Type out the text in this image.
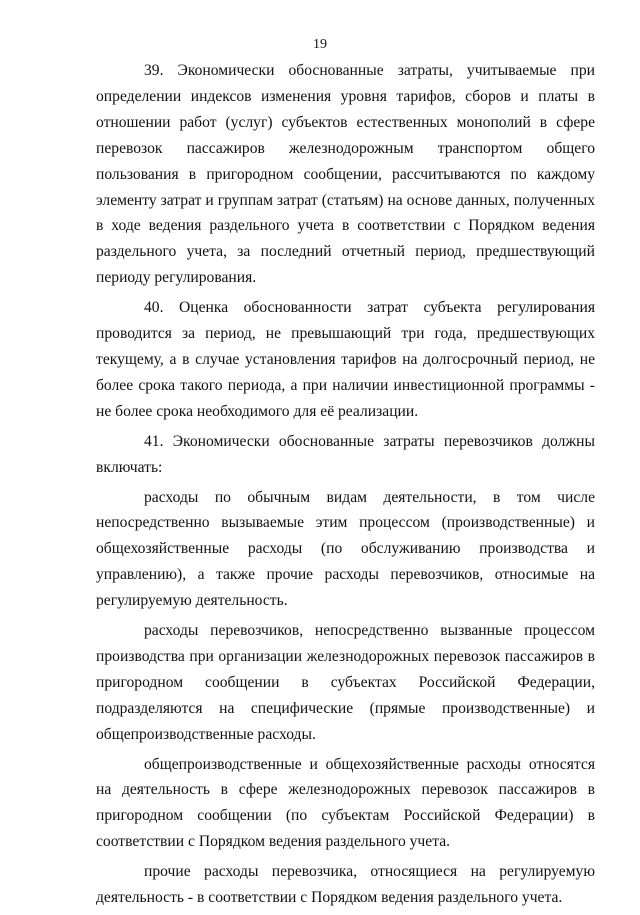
19

39. Экономически обоснованные затраты, учитываемые при определении индексов изменения уровня тарифов, сборов и платы в отношении работ (услуг) субъектов естественных монополий в сфере перевозок пассажиров железнодорожным транспортом общего пользования в пригородном сообщении, рассчитываются по каждому элементу затрат и группам затрат (статьям) на основе данных, полученных в ходе ведения раздельного учета в соответствии с Порядком ведения раздельного учета, за последний отчетный период, предшествующий периоду регулирования.

40. Оценка обоснованности затрат субъекта регулирования проводится за период, не превышающий три года, предшествующих текущему, а в случае установления тарифов на долгосрочный период, не более срока такого периода, а при наличии инвестиционной программы - не более срока необходимого для её реализации.

41. Экономически обоснованные затраты перевозчиков должны включать:

расходы по обычным видам деятельности, в том числе непосредственно вызываемые этим процессом (производственные) и общехозяйственные расходы (по обслуживанию производства и управлению), а также прочие расходы перевозчиков, относимые на регулируемую деятельность.

расходы перевозчиков, непосредственно вызванные процессом производства при организации железнодорожных перевозок пассажиров в пригородном сообщении в субъектах Российской Федерации, подразделяются на специфические (прямые производственные) и общепроизводственные расходы.

общепроизводственные и общехозяйственные расходы относятся на деятельность в сфере железнодорожных перевозок пассажиров в пригородном сообщении (по субъектам Российской Федерации) в соответствии с Порядком ведения раздельного учета.

прочие расходы перевозчика, относящиеся на регулируемую деятельность - в соответствии с Порядком ведения раздельного учета.
